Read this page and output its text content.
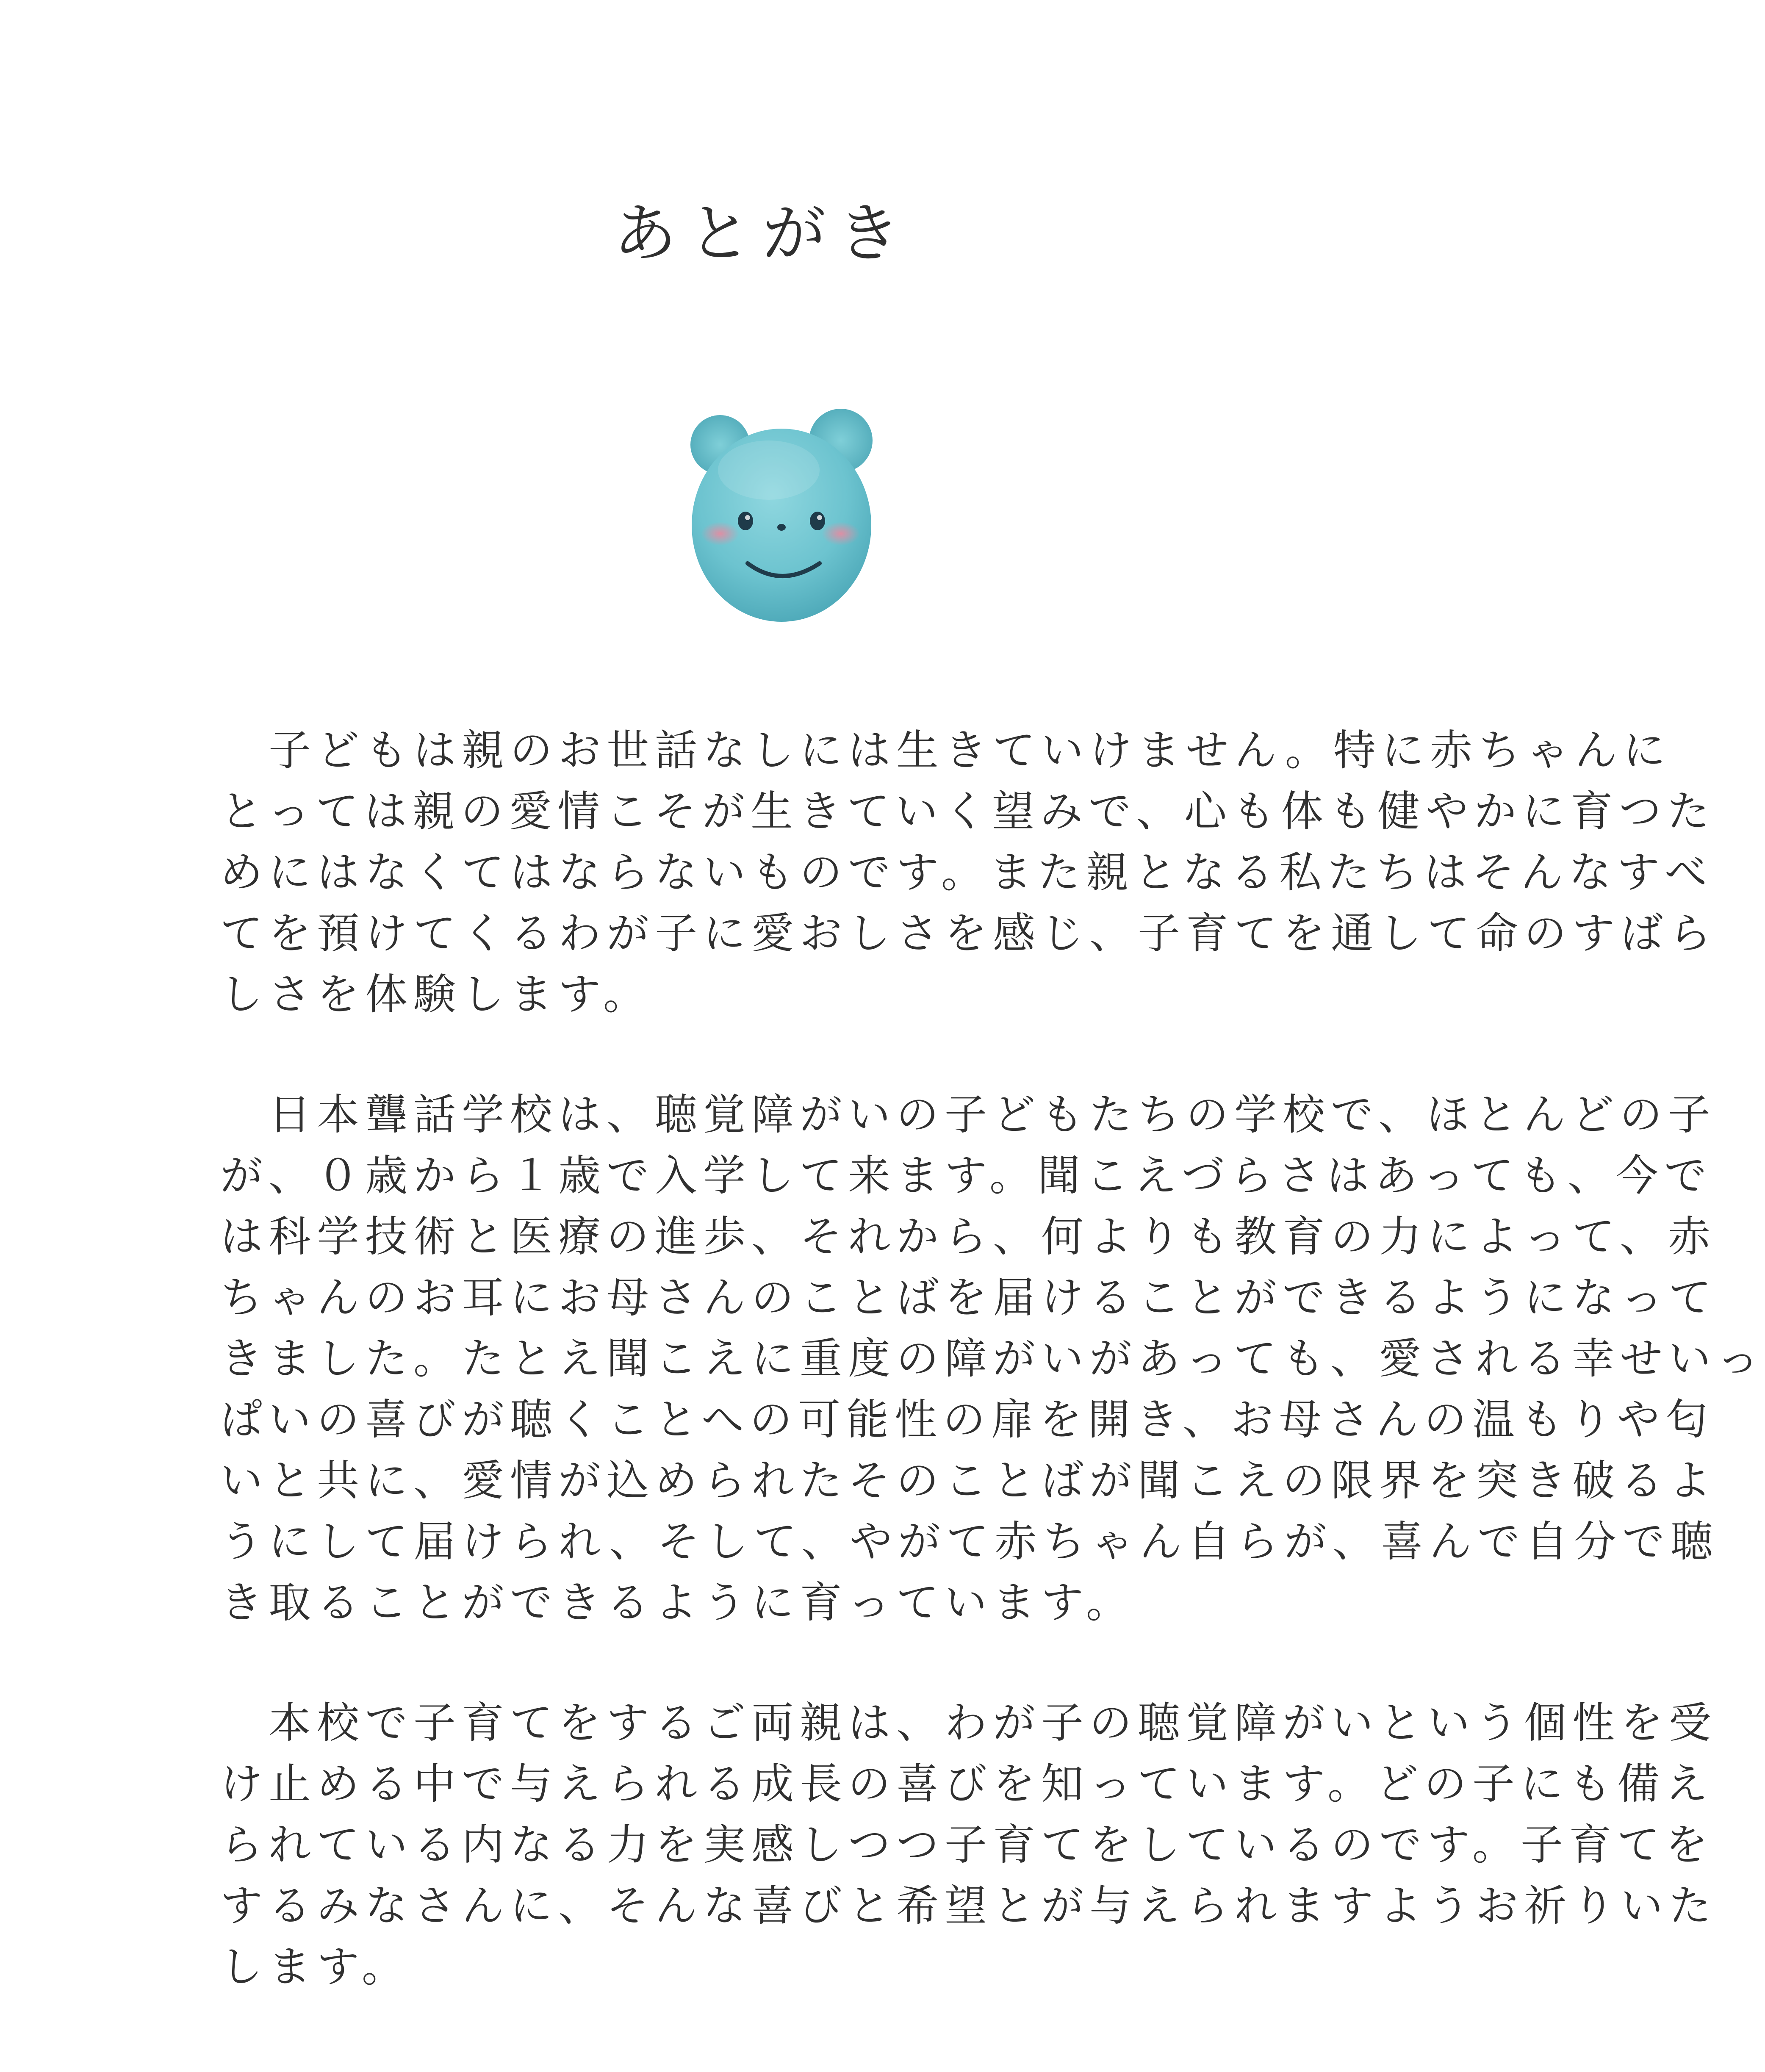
あとがき
　子どもは親のお世話なしには生きていけません。特に赤ちゃんに
とっては親の愛情こそが生きていく望みで、心も体も健やかに育つた
めにはなくてはならないものです。また親となる私たちはそんなすべ
てを預けてくるわが子に愛おしさを感じ、子育てを通して命のすばら
しさを体験します。
　日本聾話学校は、聴覚障がいの子どもたちの学校で、ほとんどの子
が、０歳から１歳で入学して来ます。聞こえづらさはあっても、今で
は科学技術と医療の進歩、それから、何よりも教育の力によって、赤
ちゃんのお耳にお母さんのことばを届けることができるようになって
きました。たとえ聞こえに重度の障がいがあっても、愛される幸せいっ
ぱいの喜びが聴くことへの可能性の扉を開き、お母さんの温もりや匂
いと共に、愛情が込められたそのことばが聞こえの限界を突き破るよ
うにして届けられ、そして、やがて赤ちゃん自らが、喜んで自分で聴
き取ることができるように育っています。
　本校で子育てをするご両親は、わが子の聴覚障がいという個性を受
け止める中で与えられる成長の喜びを知っています。どの子にも備え
られている内なる力を実感しつつ子育てをしているのです。子育てを
するみなさんに、そんな喜びと希望とが与えられますようお祈りいた
します。
